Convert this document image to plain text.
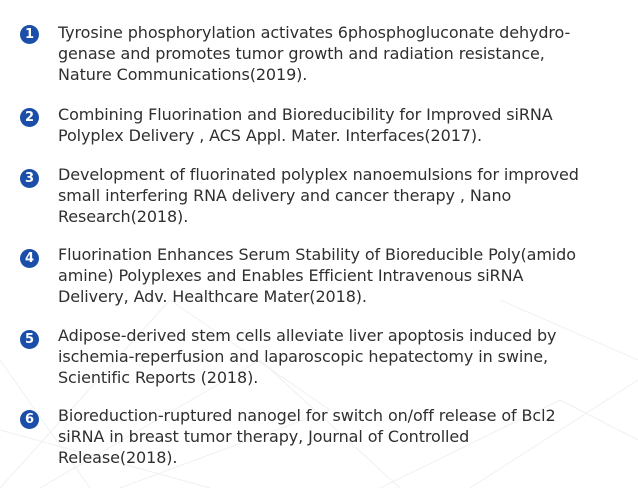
1	Tyrosine phosphorylation activates 6phosphogluconate dehydro-
genase and promotes tumor growth and radiation resistance,
Nature Communications(2019).
2	Combining Fluorination and Bioreducibility for Improved siRNA
Polyplex Delivery , ACS Appl. Mater. Interfaces(2017).
3	Development of fluorinated polyplex nanoemulsions for improved
small interfering RNA delivery and cancer therapy , Nano
Research(2018).
4	Fluorination Enhances Serum Stability of Bioreducible Poly(amido
amine) Polyplexes and Enables Efficient Intravenous siRNA
Delivery, Adv. Healthcare Mater(2018).
5	Adipose-derived stem cells alleviate liver apoptosis induced by
ischemia-reperfusion and laparoscopic hepatectomy in swine,
Scientific Reports (2018).
6	Bioreduction-ruptured nanogel for switch on/off release of Bcl2
siRNA in breast tumor therapy, Journal of Controlled
Release(2018).
